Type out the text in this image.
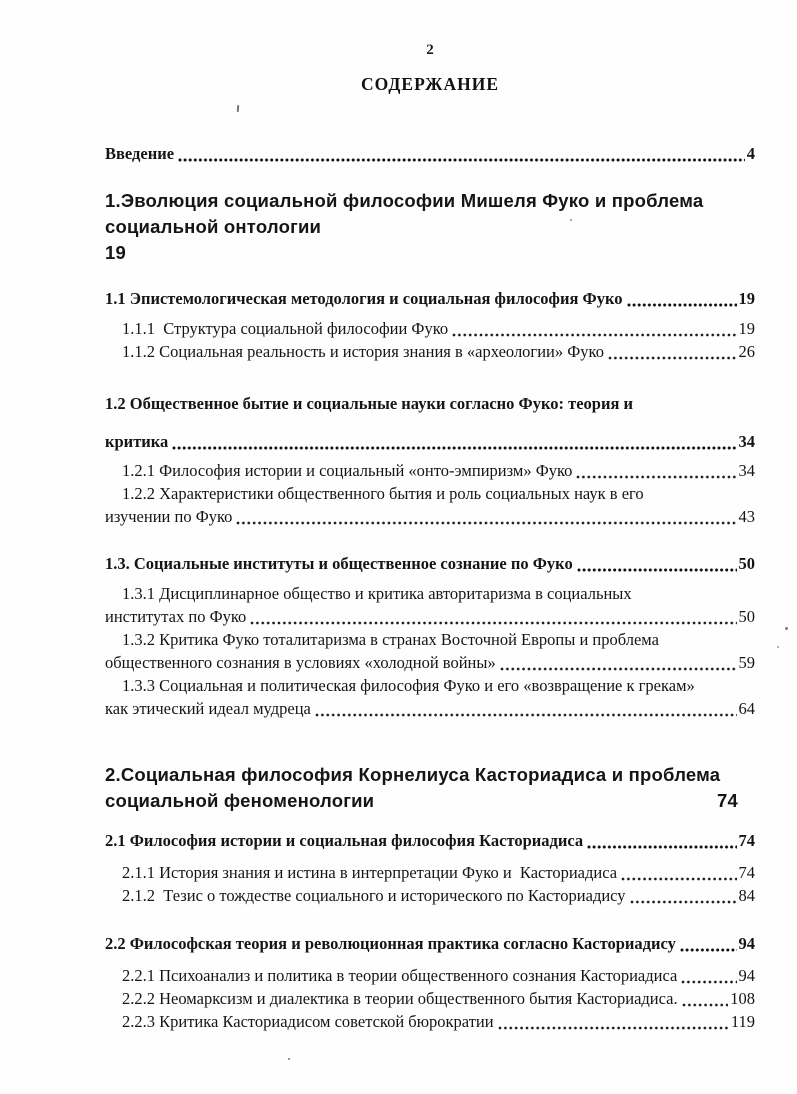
2
СОДЕРЖАНИЕ
Введение	4
1.Эволюция социальной философии Мишеля Фуко и проблема
социальной онтологии
19
1.1 Эпистемологическая методология и социальная философия Фуко	19
1.1.1  Структура социальной философии Фуко	19
1.1.2 Социальная реальность и история знания в «археологии» Фуко	26
1.2 Общественное бытие и социальные науки согласно Фуко: теория и
критика	34
1.2.1 Философия истории и социальный «онто-эмпиризм» Фуко	34
1.2.2 Характеристики общественного бытия и роль социальных наук в его
изучении по Фуко	43
1.3. Социальные институты и общественное сознание по Фуко	50
1.3.1 Дисциплинарное общество и критика авторитаризма в социальных
институтах по Фуко	50
1.3.2 Критика Фуко тоталитаризма в странах Восточной Европы и проблема
общественного сознания в условиях «холодной войны»	59
1.3.3 Социальная и политическая философия Фуко и его «возвращение к грекам»
как этический идеал мудреца	64
2.Социальная философия Корнелиуса Касториадиса и проблема
социальной феноменологии	74
2.1 Философия истории и социальная философия Касториадиса	74
2.1.1 История знания и истина в интерпретации Фуко и  Касториадиса	74
2.1.2  Тезис о тождестве социального и исторического по Касториадису	84
2.2 Философская теория и революционная практика согласно Касториадису	94
2.2.1 Психоанализ и политика в теории общественного сознания Касториадиса	94
2.2.2 Неомарксизм и диалектика в теории общественного бытия Касториадиса.	108
2.2.3 Критика Касториадисом советской бюрократии	119
